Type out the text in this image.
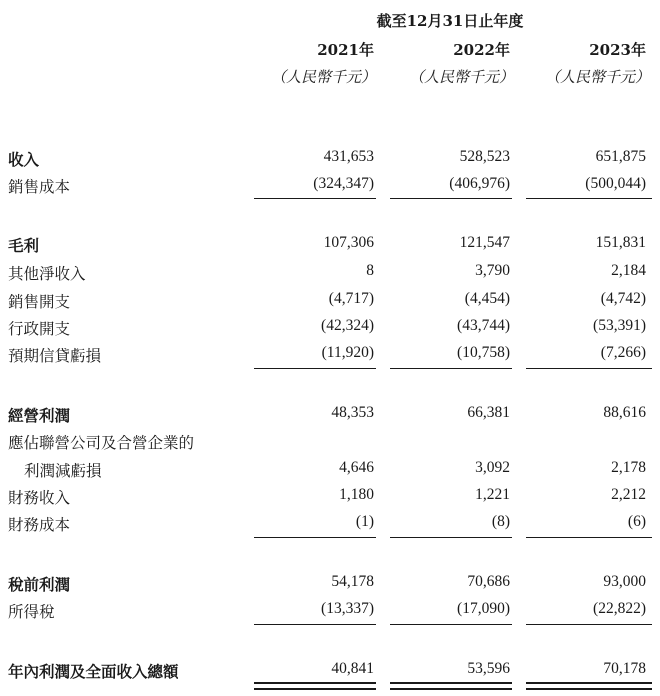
截至12月31日止年度
2021年	2022年	2023年
（人民幣千元）	（人民幣千元）	（人民幣千元）
收入	431,653	528,523	651,875
銷售成本	(324,347)	(406,976)	(500,044)
毛利	107,306	121,547	151,831
其他淨收入	8	3,790	2,184
銷售開支	(4,717)	(4,454)	(4,742)
行政開支	(42,324)	(43,744)	(53,391)
預期信貸虧損	(11,920)	(10,758)	(7,266)
經營利潤	48,353	66,381	88,616
應佔聯營公司及合營企業的
利潤減虧損	4,646	3,092	2,178
財務收入	1,180	1,221	2,212
財務成本	(1)	(8)	(6)
稅前利潤	54,178	70,686	93,000
所得稅	(13,337)	(17,090)	(22,822)
年內利潤及全面收入總額	40,841	53,596	70,178
